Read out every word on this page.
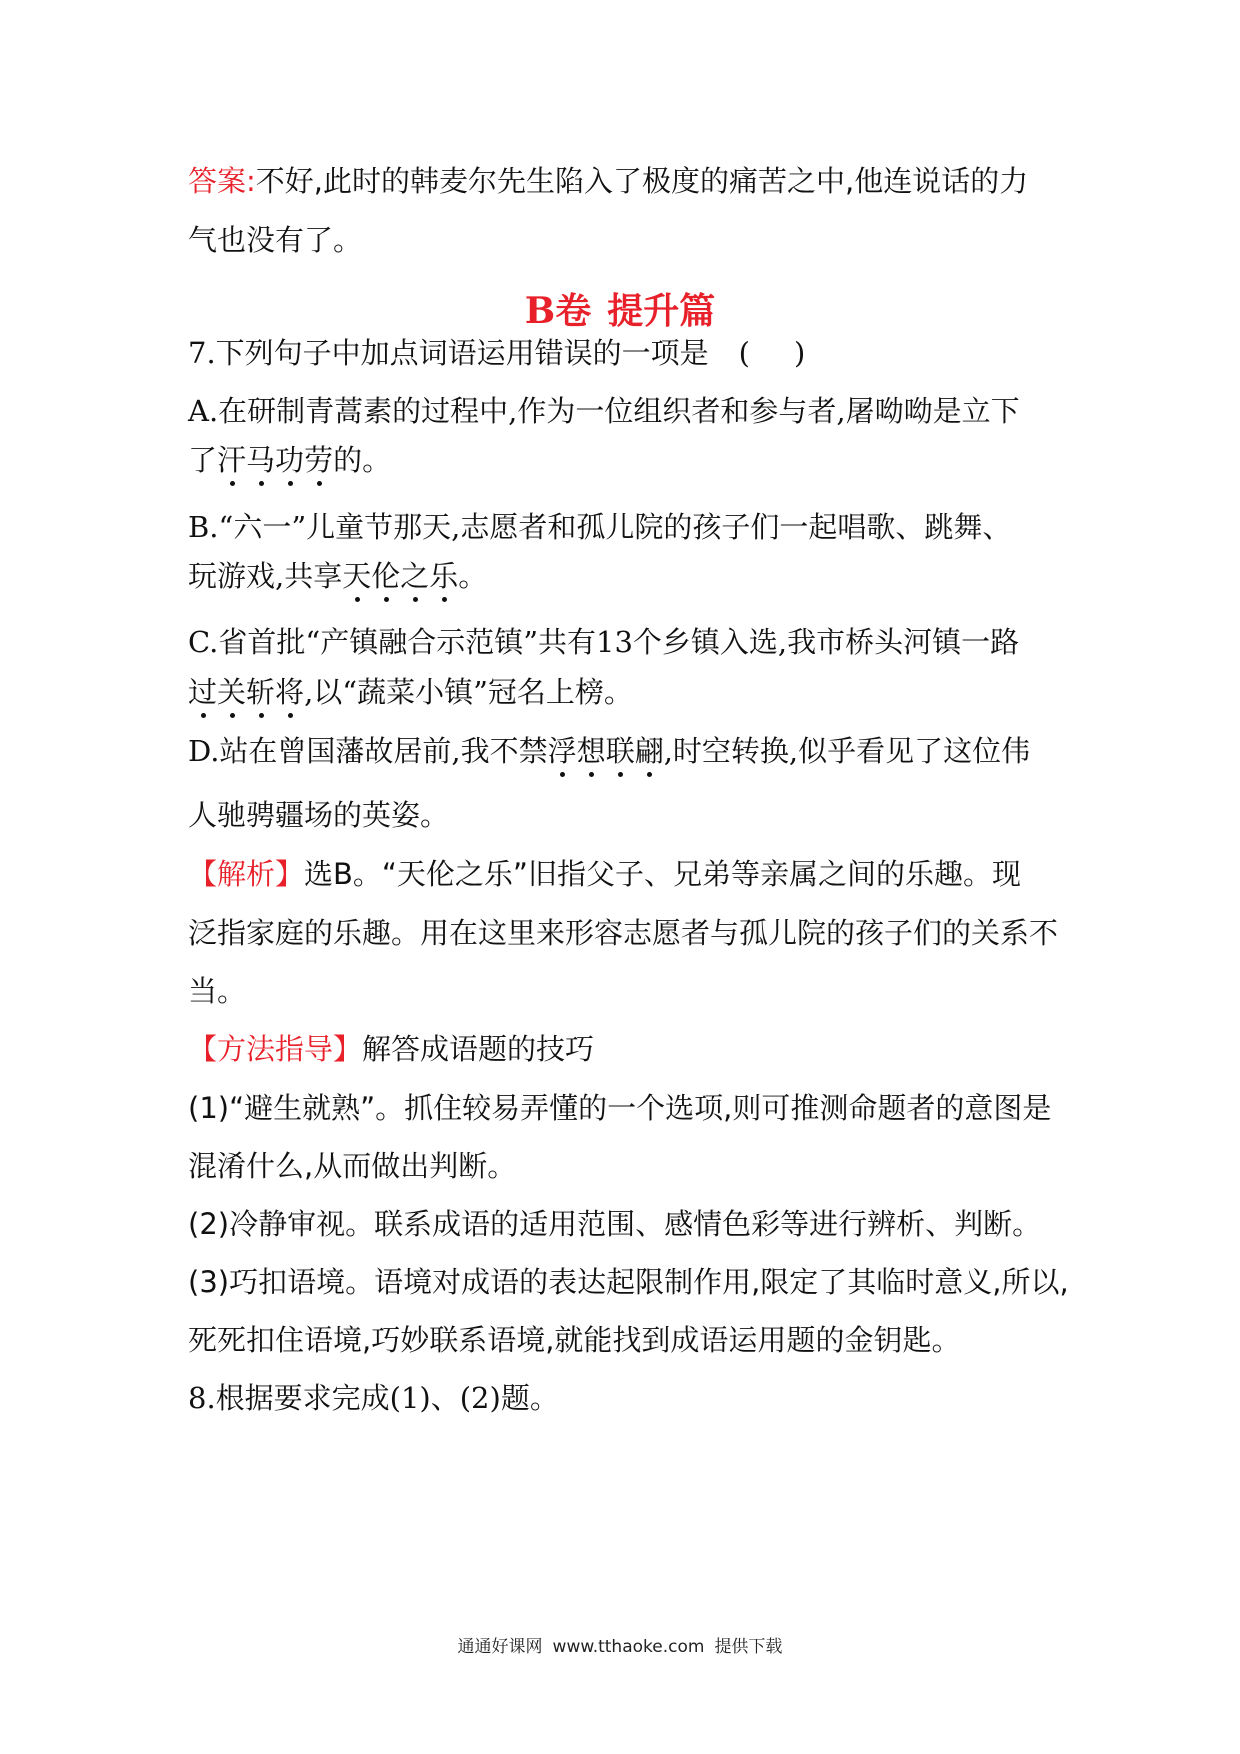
答案:不好,此时的韩麦尔先生陷入了极度的痛苦之中,他连说话的力
气也没有了。
B卷 提升篇
7.下列句子中加点词语运用错误的一项是 ( )
A.在研制青蒿素的过程中,作为一位组织者和参与者,屠呦呦是立下
了汗马功劳的。
B.“六一”儿童节那天,志愿者和孤儿院的孩子们一起唱歌、跳舞、
玩游戏,共享天伦之乐。
C.省首批“产镇融合示范镇”共有13个乡镇入选,我市桥头河镇一路
过关斩将,以“蔬菜小镇”冠名上榜。
D.站在曾国藩故居前,我不禁浮想联翩,时空转换,似乎看见了这位伟
人驰骋疆场的英姿。
【解析】选B。“天伦之乐”旧指父子、兄弟等亲属之间的乐趣。现
泛指家庭的乐趣。用在这里来形容志愿者与孤儿院的孩子们的关系不
当。
【方法指导】解答成语题的技巧
(1)“避生就熟”。抓住较易弄懂的一个选项,则可推测命题者的意图是
混淆什么,从而做出判断。
(2)冷静审视。联系成语的适用范围、感情色彩等进行辨析、判断。
(3)巧扣语境。语境对成语的表达起限制作用,限定了其临时意义,所以,
死死扣住语境,巧妙联系语境,就能找到成语运用题的金钥匙。
8.根据要求完成(1)、(2)题。
通通好课网 www.tthaoke.com 提供下载
